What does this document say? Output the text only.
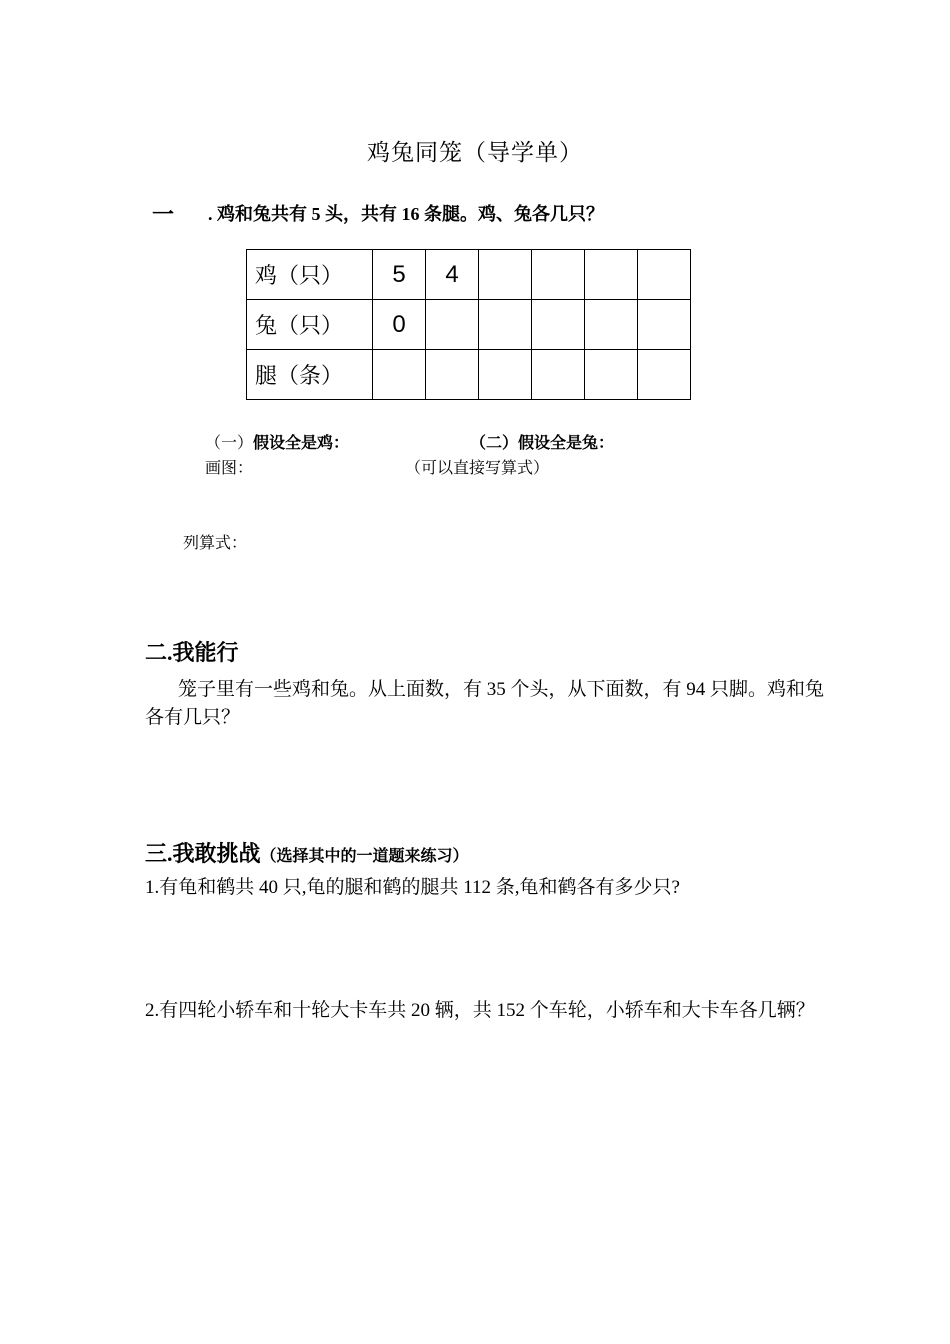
鸡兔同笼（导学单）
一 . 鸡和兔共有 5 头，共有 16 条腿。鸡、兔各几只？
鸡（只）	5	4				
兔（只）	0					
腿（条）						
（一）假设全是鸡：	（二）假设全是兔：
画图：	（可以直接写算式）
列算式：
二.我能行
笼子里有一些鸡和兔。从上面数，有 35 个头，从下面数，有 94 只脚。鸡和兔各有几只？
三.我敢挑战（选择其中的一道题来练习）
1.有龟和鹤共 40 只,龟的腿和鹤的腿共 112 条,龟和鹤各有多少只?
2.有四轮小轿车和十轮大卡车共 20 辆，共 152 个车轮，小轿车和大卡车各几辆？
